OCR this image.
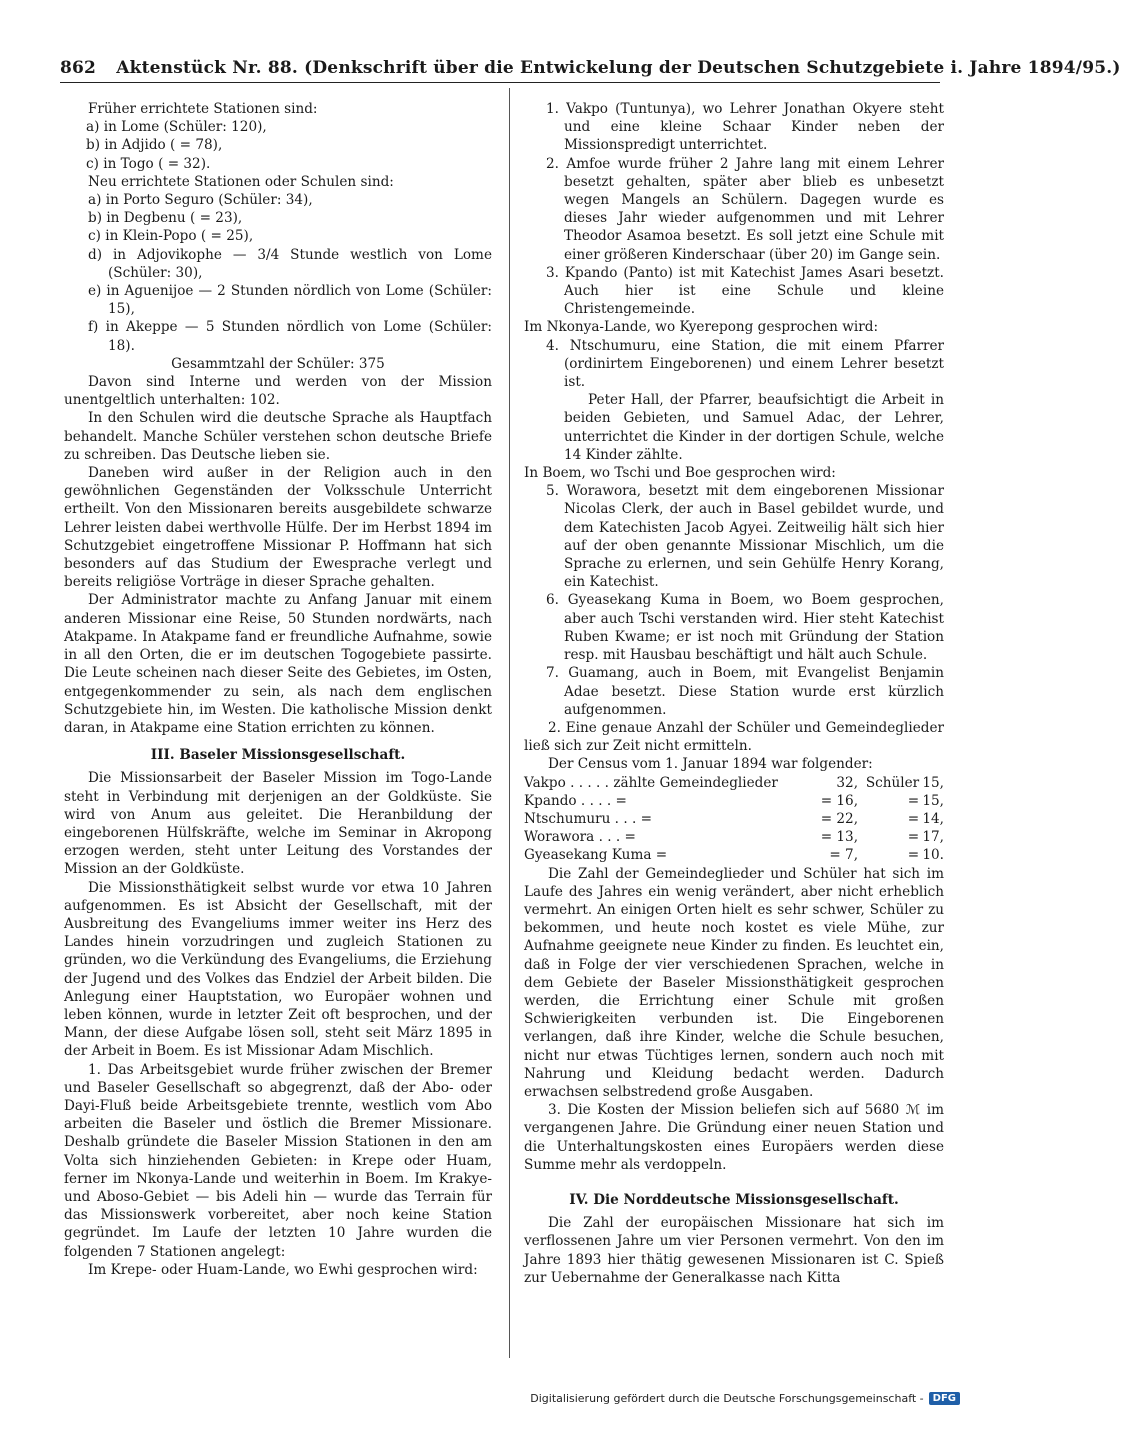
862 Aktenstück Nr. 88. (Denkschrift über die Entwickelung der Deutschen Schutzgebiete i. Jahre 1894/95.)

Früher errichtete Stationen sind:

a) in Lome (Schüler: 120),

b) in Adjido ( = 78),

c) in Togo ( = 32).

Neu errichtete Stationen oder Schulen sind:

a) in Porto Seguro (Schüler: 34),

b) in Degbenu ( = 23),

c) in Klein-Popo ( = 25),

d) in Adjovikophe — 3/4 Stunde westlich von Lome (Schüler: 30),

e) in Aguenijoe — 2 Stunden nördlich von Lome (Schüler: 15),

f) in Akeppe — 5 Stunden nördlich von Lome (Schüler: 18).

Gesammtzahl der Schüler: 375

Davon sind Interne und werden von der Mission unentgeltlich unterhalten: 102.

In den Schulen wird die deutsche Sprache als Hauptfach behandelt. Manche Schüler verstehen schon deutsche Briefe zu schreiben. Das Deutsche lieben sie.

Daneben wird außer in der Religion auch in den gewöhnlichen Gegenständen der Volksschule Unterricht ertheilt. Von den Missionaren bereits ausgebildete schwarze Lehrer leisten dabei werthvolle Hülfe. Der im Herbst 1894 im Schutzgebiet eingetroffene Missionar P. Hoffmann hat sich besonders auf das Studium der Ewesprache verlegt und bereits religiöse Vorträge in dieser Sprache gehalten.

Der Administrator machte zu Anfang Januar mit einem anderen Missionar eine Reise, 50 Stunden nordwärts, nach Atakpame. In Atakpame fand er freundliche Aufnahme, sowie in all den Orten, die er im deutschen Togogebiete passirte. Die Leute scheinen nach dieser Seite des Gebietes, im Osten, entgegenkommender zu sein, als nach dem englischen Schutzgebiete hin, im Westen. Die katholische Mission denkt daran, in Atakpame eine Station errichten zu können.

III. Baseler Missionsgesellschaft.

Die Missionsarbeit der Baseler Mission im Togo-Lande steht in Verbindung mit derjenigen an der Goldküste. Sie wird von Anum aus geleitet. Die Heranbildung der eingeborenen Hülfskräfte, welche im Seminar in Akropong erzogen werden, steht unter Leitung des Vorstandes der Mission an der Goldküste.

Die Missionsthätigkeit selbst wurde vor etwa 10 Jahren aufgenommen. Es ist Absicht der Gesellschaft, mit der Ausbreitung des Evangeliums immer weiter ins Herz des Landes hinein vorzudringen und zugleich Stationen zu gründen, wo die Verkündung des Evangeliums, die Erziehung der Jugend und des Volkes das Endziel der Arbeit bilden. Die Anlegung einer Hauptstation, wo Europäer wohnen und leben können, wurde in letzter Zeit oft besprochen, und der Mann, der diese Aufgabe lösen soll, steht seit März 1895 in der Arbeit in Boem. Es ist Missionar Adam Mischlich.

1. Das Arbeitsgebiet wurde früher zwischen der Bremer und Baseler Gesellschaft so abgegrenzt, daß der Abo- oder Dayi-Fluß beide Arbeitsgebiete trennte, westlich vom Abo arbeiten die Baseler und östlich die Bremer Missionare. Deshalb gründete die Baseler Mission Stationen in den am Volta sich hinziehenden Gebieten: in Krepe oder Huam, ferner im Nkonya-Lande und weiterhin in Boem. Im Krakye- und Aboso-Gebiet — bis Adeli hin — wurde das Terrain für das Missionswerk vorbereitet, aber noch keine Station gegründet. Im Laufe der letzten 10 Jahre wurden die folgenden 7 Stationen angelegt:

Im Krepe- oder Huam-Lande, wo Ewhi gesprochen wird:

1. Vakpo (Tuntunya), wo Lehrer Jonathan Okyere steht und eine kleine Schaar Kinder neben der Missionspredigt unterrichtet.

2. Amfoe wurde früher 2 Jahre lang mit einem Lehrer besetzt gehalten, später aber blieb es unbesetzt wegen Mangels an Schülern. Dagegen wurde es dieses Jahr wieder aufgenommen und mit Lehrer Theodor Asamoa besetzt. Es soll jetzt eine Schule mit einer größeren Kinderschaar (über 20) im Gange sein.

3. Kpando (Panto) ist mit Katechist James Asari besetzt. Auch hier ist eine Schule und kleine Christengemeinde.

Im Nkonya-Lande, wo Kyerepong gesprochen wird:

4. Ntschumuru, eine Station, die mit einem Pfarrer (ordinirtem Eingeborenen) und einem Lehrer besetzt ist.

Peter Hall, der Pfarrer, beaufsichtigt die Arbeit in beiden Gebieten, und Samuel Adac, der Lehrer, unterrichtet die Kinder in der dortigen Schule, welche 14 Kinder zählte.

In Boem, wo Tschi und Boe gesprochen wird:

5. Worawora, besetzt mit dem eingeborenen Missionar Nicolas Clerk, der auch in Basel gebildet wurde, und dem Katechisten Jacob Agyei. Zeitweilig hält sich hier auf der oben genannte Missionar Mischlich, um die Sprache zu erlernen, und sein Gehülfe Henry Korang, ein Katechist.

6. Gyeasekang Kuma in Boem, wo Boem gesprochen, aber auch Tschi verstanden wird. Hier steht Katechist Ruben Kwame; er ist noch mit Gründung der Station resp. mit Hausbau beschäftigt und hält auch Schule.

7. Guamang, auch in Boem, mit Evangelist Benjamin Adae besetzt. Diese Station wurde erst kürzlich aufgenommen.

2. Eine genaue Anzahl der Schüler und Gemeindeglieder ließ sich zur Zeit nicht ermitteln.

Der Census vom 1. Januar 1894 war folgender:

Vakpo . . . . . zählte Gemeindeglieder	32,	Schüler	15,
Kpando . . . . =	= 16,	=	15,
Ntschumuru . . . =	= 22,	=	14,
Worawora . . . =	= 13,	=	17,
Gyeasekang Kuma =	= 7,	=	10.

Die Zahl der Gemeindeglieder und Schüler hat sich im Laufe des Jahres ein wenig verändert, aber nicht erheblich vermehrt. An einigen Orten hielt es sehr schwer, Schüler zu bekommen, und heute noch kostet es viele Mühe, zur Aufnahme geeignete neue Kinder zu finden. Es leuchtet ein, daß in Folge der vier verschiedenen Sprachen, welche in dem Gebiete der Baseler Missionsthätigkeit gesprochen werden, die Errichtung einer Schule mit großen Schwierigkeiten verbunden ist. Die Eingeborenen verlangen, daß ihre Kinder, welche die Schule besuchen, nicht nur etwas Tüchtiges lernen, sondern auch noch mit Nahrung und Kleidung bedacht werden. Dadurch erwachsen selbstredend große Ausgaben.

3. Die Kosten der Mission beliefen sich auf 5680 ℳ im vergangenen Jahre. Die Gründung einer neuen Station und die Unterhaltungskosten eines Europäers werden diese Summe mehr als verdoppeln.

IV. Die Norddeutsche Missionsgesellschaft.

Die Zahl der europäischen Missionare hat sich im verflossenen Jahre um vier Personen vermehrt. Von den im Jahre 1893 hier thätig gewesenen Missionaren ist C. Spieß zur Uebernahme der Generalkasse nach Kitta

Digitalisierung gefördert durch die Deutsche Forschungsgemeinschaft - DFG
